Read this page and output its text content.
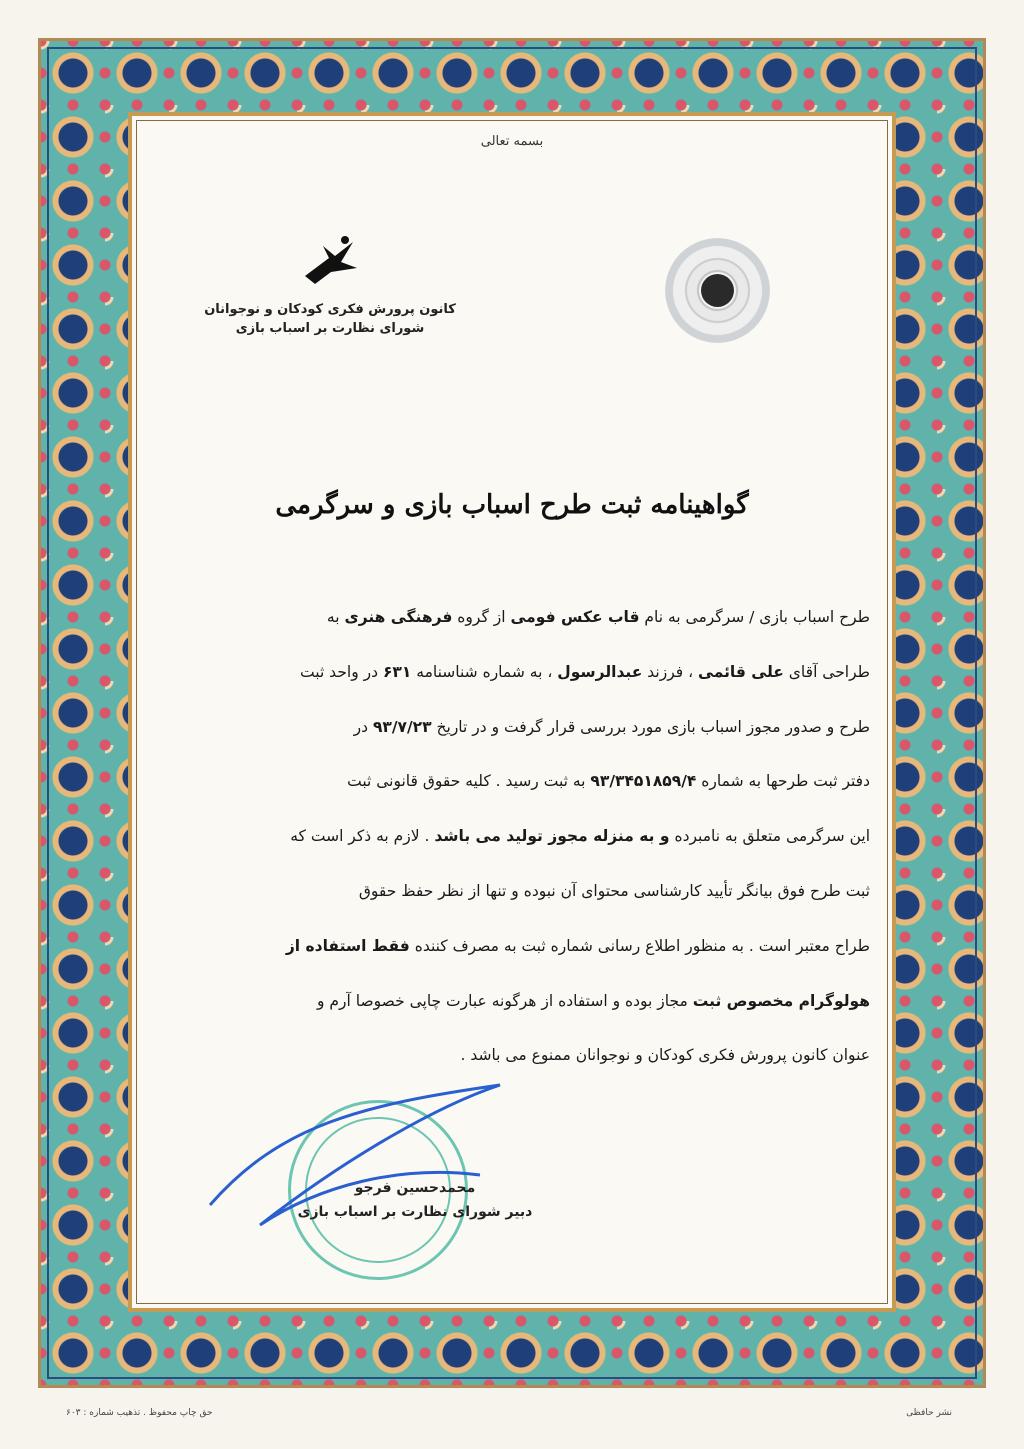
بسمه تعالی
کانون پرورش فکری کودکان و نوجوانان
شورای نظارت بر اسباب بازی
گواهینامه ثبت طرح اسباب بازی و سرگرمی
طرح اسباب بازی / سرگرمی به نام قاب عکس فومی از گروه فرهنگی هنری به
طراحی آقای علی قائمی ، فرزند عبدالرسول ، به شماره شناسنامه ۶۳۱ در واحد ثبت
طرح و صدور مجوز اسباب بازی مورد بررسی قرار گرفت و در تاریخ ۹۳/۷/۲۳ در
دفتر ثبت طرحها به شماره ۹۳/۳۴۵۱۸۵۹/۴ به ثبت رسید . کلیه حقوق قانونی ثبت
این سرگرمی متعلق به نامبرده و به منزله مجوز تولید می باشد . لازم به ذکر است که
ثبت طرح فوق بیانگر تأیید کارشناسی محتوای آن نبوده و تنها از نظر حفظ حقوق
طراح معتبر است . به منظور اطلاع رسانی شماره ثبت به مصرف کننده فقط استفاده از
هولوگرام مخصوص ثبت مجاز بوده و استفاده از هرگونه عبارت چاپی خصوصا آرم و
عنوان کانون پرورش فکری کودکان و نوجوانان ممنوع می باشد .
محمدحسین فرجو
دبیر شورای نظارت بر اسباب بازی
حق چاپ محفوظ . تذهیب شماره : ۶۰۳	نشر حافظی
